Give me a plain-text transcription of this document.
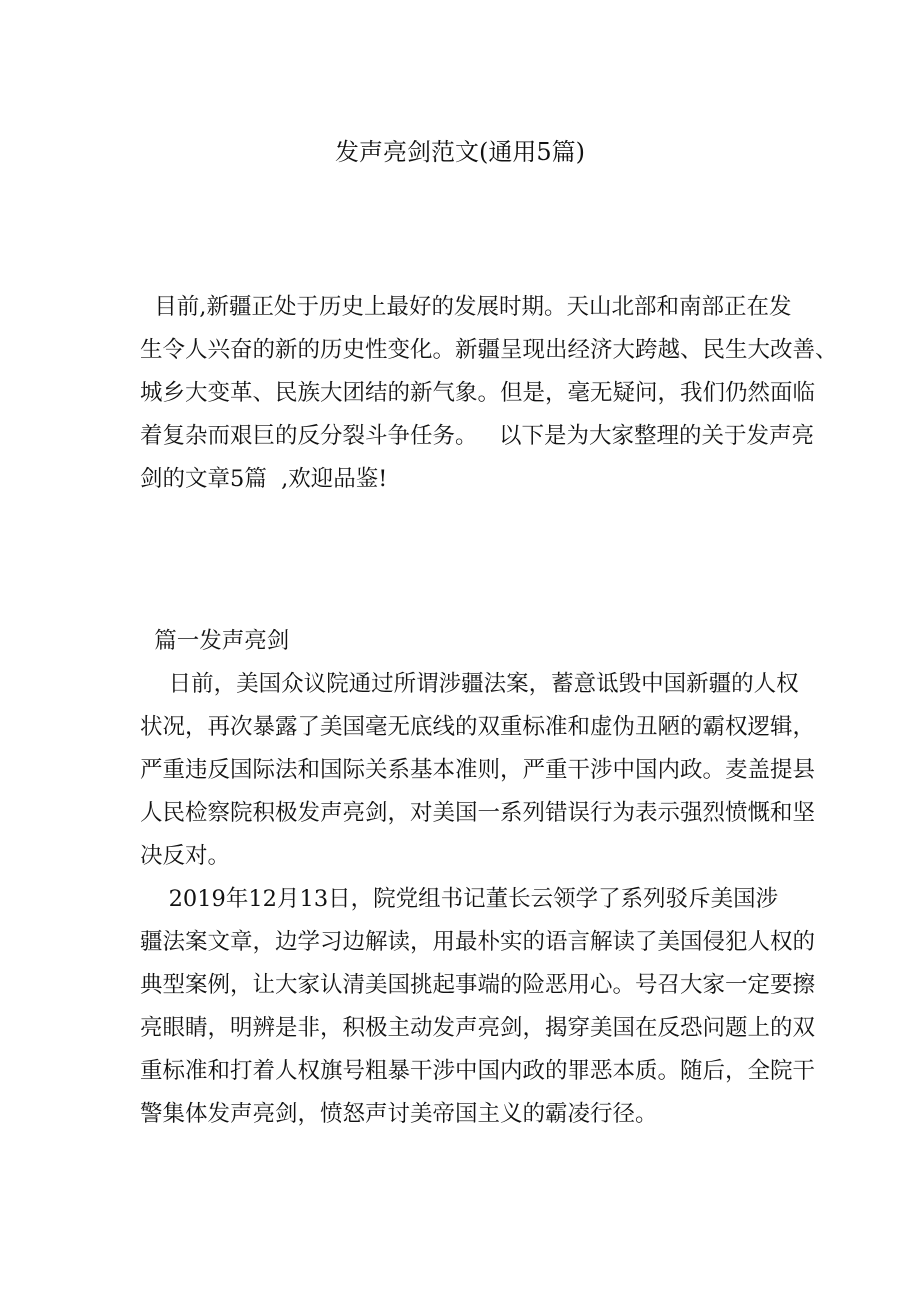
发声亮剑范文(通用5篇)
目前,新疆正处于历史上最好的发展时期。天山北部和南部正在发
生令人兴奋的新的历史性变化。新疆呈现出经济大跨越、民生大改善、
城乡大变革、民族大团结的新气象。但是，毫无疑问，我们仍然面临
着复杂而艰巨的反分裂斗争任务。   以下是为大家整理的关于发声亮
剑的文章5篇  ,欢迎品鉴!
篇一发声亮剑
日前，美国众议院通过所谓涉疆法案，蓄意诋毁中国新疆的人权
状况，再次暴露了美国毫无底线的双重标准和虚伪丑陋的霸权逻辑，
严重违反国际法和国际关系基本准则，严重干涉中国内政。麦盖提县
人民检察院积极发声亮剑，对美国一系列错误行为表示强烈愤慨和坚
决反对。
2019年12月13日，院党组书记董长云领学了系列驳斥美国涉
疆法案文章，边学习边解读，用最朴实的语言解读了美国侵犯人权的
典型案例，让大家认清美国挑起事端的险恶用心。号召大家一定要擦
亮眼睛，明辨是非，积极主动发声亮剑，揭穿美国在反恐问题上的双
重标准和打着人权旗号粗暴干涉中国内政的罪恶本质。随后，全院干
警集体发声亮剑，愤怒声讨美帝国主义的霸凌行径。
